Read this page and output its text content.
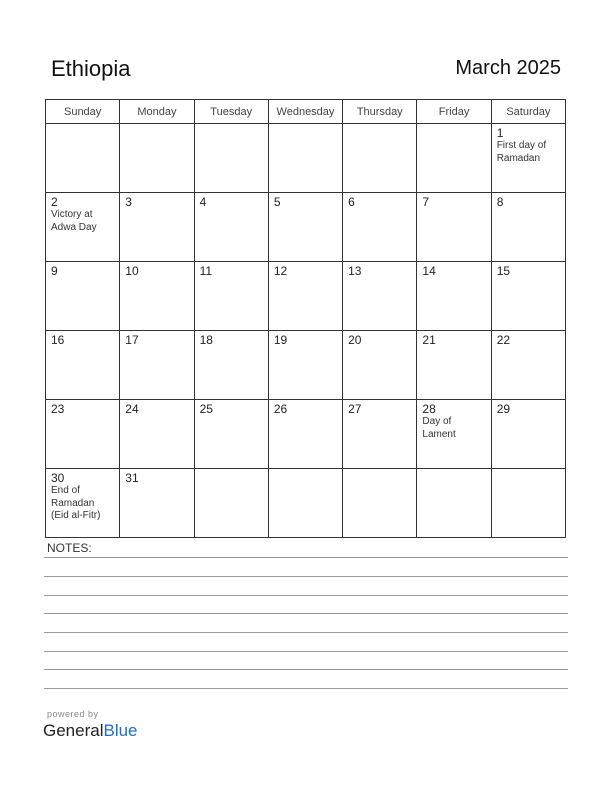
Ethiopia	March 2025
Sunday	Monday	Tuesday	Wednesday	Thursday	Friday	Saturday

						1
First day of
Ramadan

2
Victory at
Adwa Day	3	4	5	6	7	8

9	10	11	12	13	14	15

16	17	18	19	20	21	22

23	24	25	26	27	28
Day of
Lament	29

30
End of
Ramadan
(Eid al-Fitr)	31					

NOTES:
powered by
GeneralBlue
